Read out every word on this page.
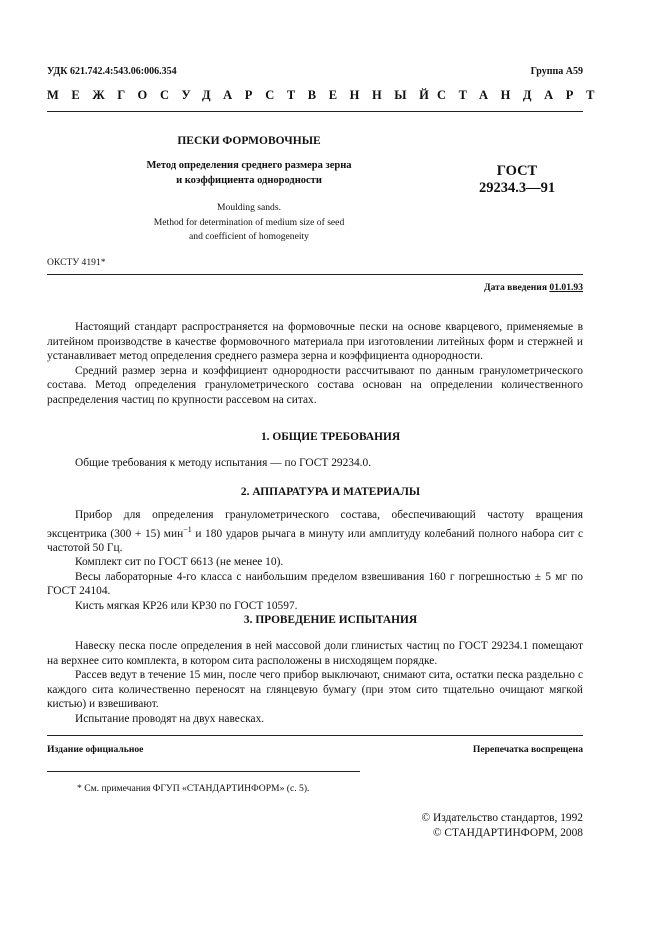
УДК 621.742.4:543.06:006.354	Группа А59
МЕЖГОСУДАРСТВЕННЫЙ
СТАНДАРТ
ПЕСКИ ФОРМОВОЧНЫЕ
Метод определения среднего размера зерна
и коэффициента однородности
Moulding sands.
Method for determination of medium size of seed
and coefficient of homogeneity
ГОСТ
29234.3—91
ОКСТУ 4191*
Дата введения 01.01.93

Настоящий стандарт распространяется на формовочные пески на основе кварцевого, применяемые в литейном производстве в качестве формовочного материала при изготовлении литейных форм и стержней и устанавливает метод определения среднего размера зерна и коэффициента однородности.

Средний размер зерна и коэффициент однородности рассчитывают по данным гранулометрического состава. Метод определения гранулометрического состава основан на определении количественного распределения частиц по крупности рассевом на ситах.

1. ОБЩИЕ ТРЕБОВАНИЯ

Общие требования к методу испытания — по ГОСТ 29234.0.

2. АППАРАТУРА И МАТЕРИАЛЫ

Прибор для определения гранулометрического состава, обеспечивающий частоту вращения эксцентрика (300 + 15) мин$^{-1}$ и 180 ударов рычага в минуту или амплитуду колебаний полного набора сит с частотой 50 Гц.

Комплект сит по ГОСТ 6613 (не менее 10).

Весы лабораторные 4-го класса с наибольшим пределом взвешивания 160 г погрешностью ± 5 мг по ГОСТ 24104.

Кисть мягкая КР26 или КР30 по ГОСТ 10597.

3. ПРОВЕДЕНИЕ ИСПЫТАНИЯ

Навеску песка после определения в ней массовой доли глинистых частиц по ГОСТ 29234.1 помещают на верхнее сито комплекта, в котором сита расположены в нисходящем порядке.

Рассев ведут в течение 15 мин, после чего прибор выключают, снимают сита, остатки песка раздельно с каждого сита количественно переносят на глянцевую бумагу (при этом сито тщательно очищают мягкой кистью) и взвешивают.

Испытание проводят на двух навесках.

Издание официальное	Перепечатка воспрещена
* См. примечания ФГУП «СТАНДАРТИНФОРМ» (с. 5).
© Издательство стандартов, 1992
© СТАНДАРТИНФОРМ, 2008
